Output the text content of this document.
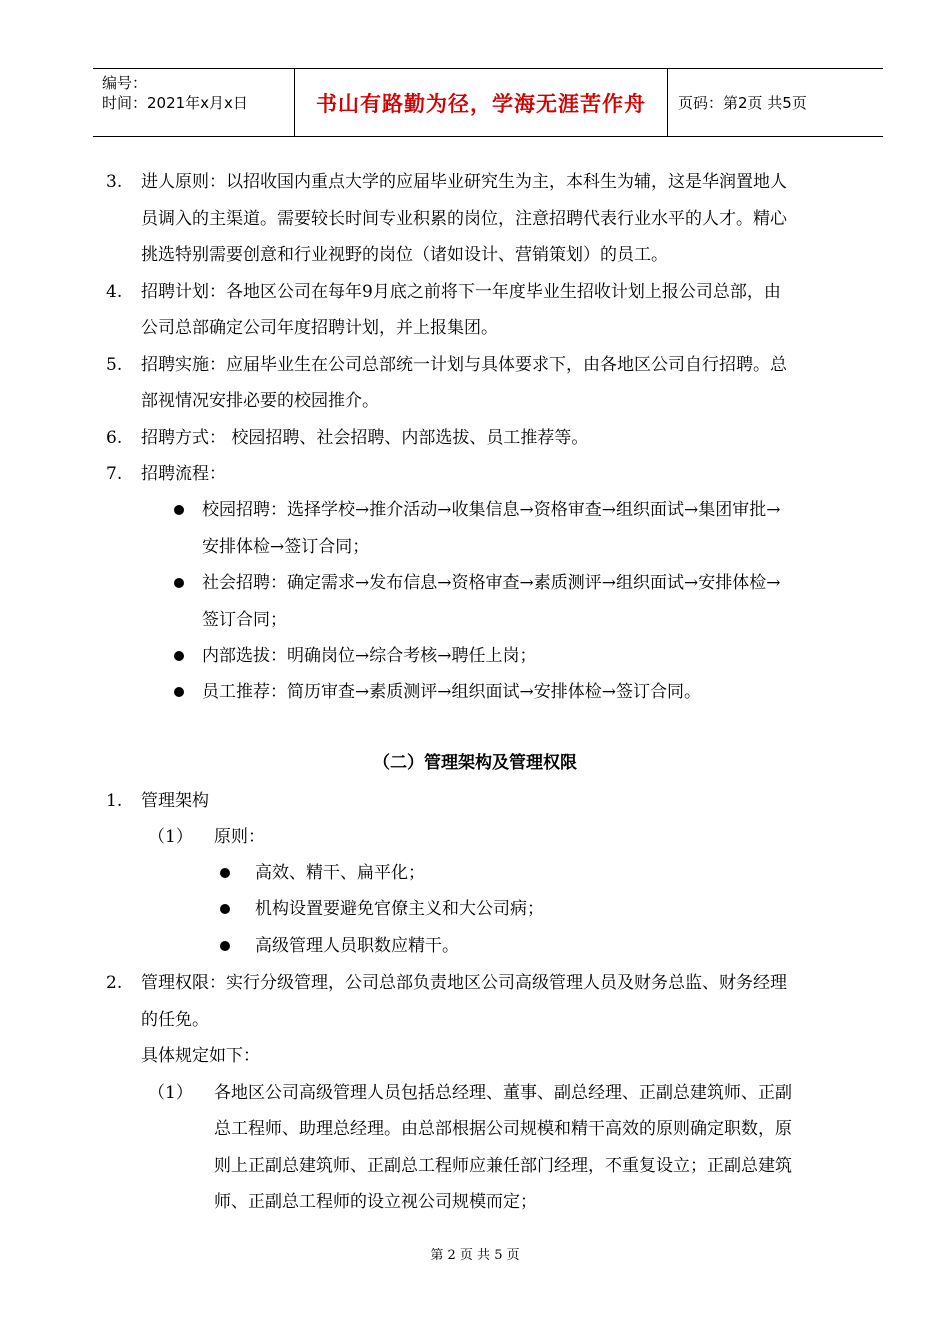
编号：
时间：2021年x月x日	书山有路勤为径，学海无涯苦作舟	页码：第2页 共5页
3. 进人原则：以招收国内重点大学的应届毕业研究生为主，本科生为辅，这是华润置地人
员调入的主渠道。需要较长时间专业积累的岗位，注意招聘代表行业水平的人才。精心
挑选特别需要创意和行业视野的岗位（诸如设计、营销策划）的员工。
4. 招聘计划：各地区公司在每年9月底之前将下一年度毕业生招收计划上报公司总部，由
公司总部确定公司年度招聘计划，并上报集团。
5. 招聘实施：应届毕业生在公司总部统一计划与具体要求下，由各地区公司自行招聘。总
部视情况安排必要的校园推介。
6. 招聘方式： 校园招聘、社会招聘、内部选拔、员工推荐等。
7. 招聘流程：
校园招聘：选择学校→推介活动→收集信息→资格审查→组织面试→集团审批→
安排体检→签订合同；
社会招聘：确定需求→发布信息→资格审查→素质测评→组织面试→安排体检→
签订合同；
内部选拔：明确岗位→综合考核→聘任上岗；
员工推荐：简历审查→素质测评→组织面试→安排体检→签订合同。
（二）管理架构及管理权限
1. 管理架构
（1） 原则：
高效、精干、扁平化；
机构设置要避免官僚主义和大公司病；
高级管理人员职数应精干。
2. 管理权限：实行分级管理，公司总部负责地区公司高级管理人员及财务总监、财务经理
的任免。
具体规定如下：
（1） 各地区公司高级管理人员包括总经理、董事、副总经理、正副总建筑师、正副
总工程师、助理总经理。由总部根据公司规模和精干高效的原则确定职数，原
则上正副总建筑师、正副总工程师应兼任部门经理，不重复设立；正副总建筑
师、正副总工程师的设立视公司规模而定；
第 2 页 共 5 页
